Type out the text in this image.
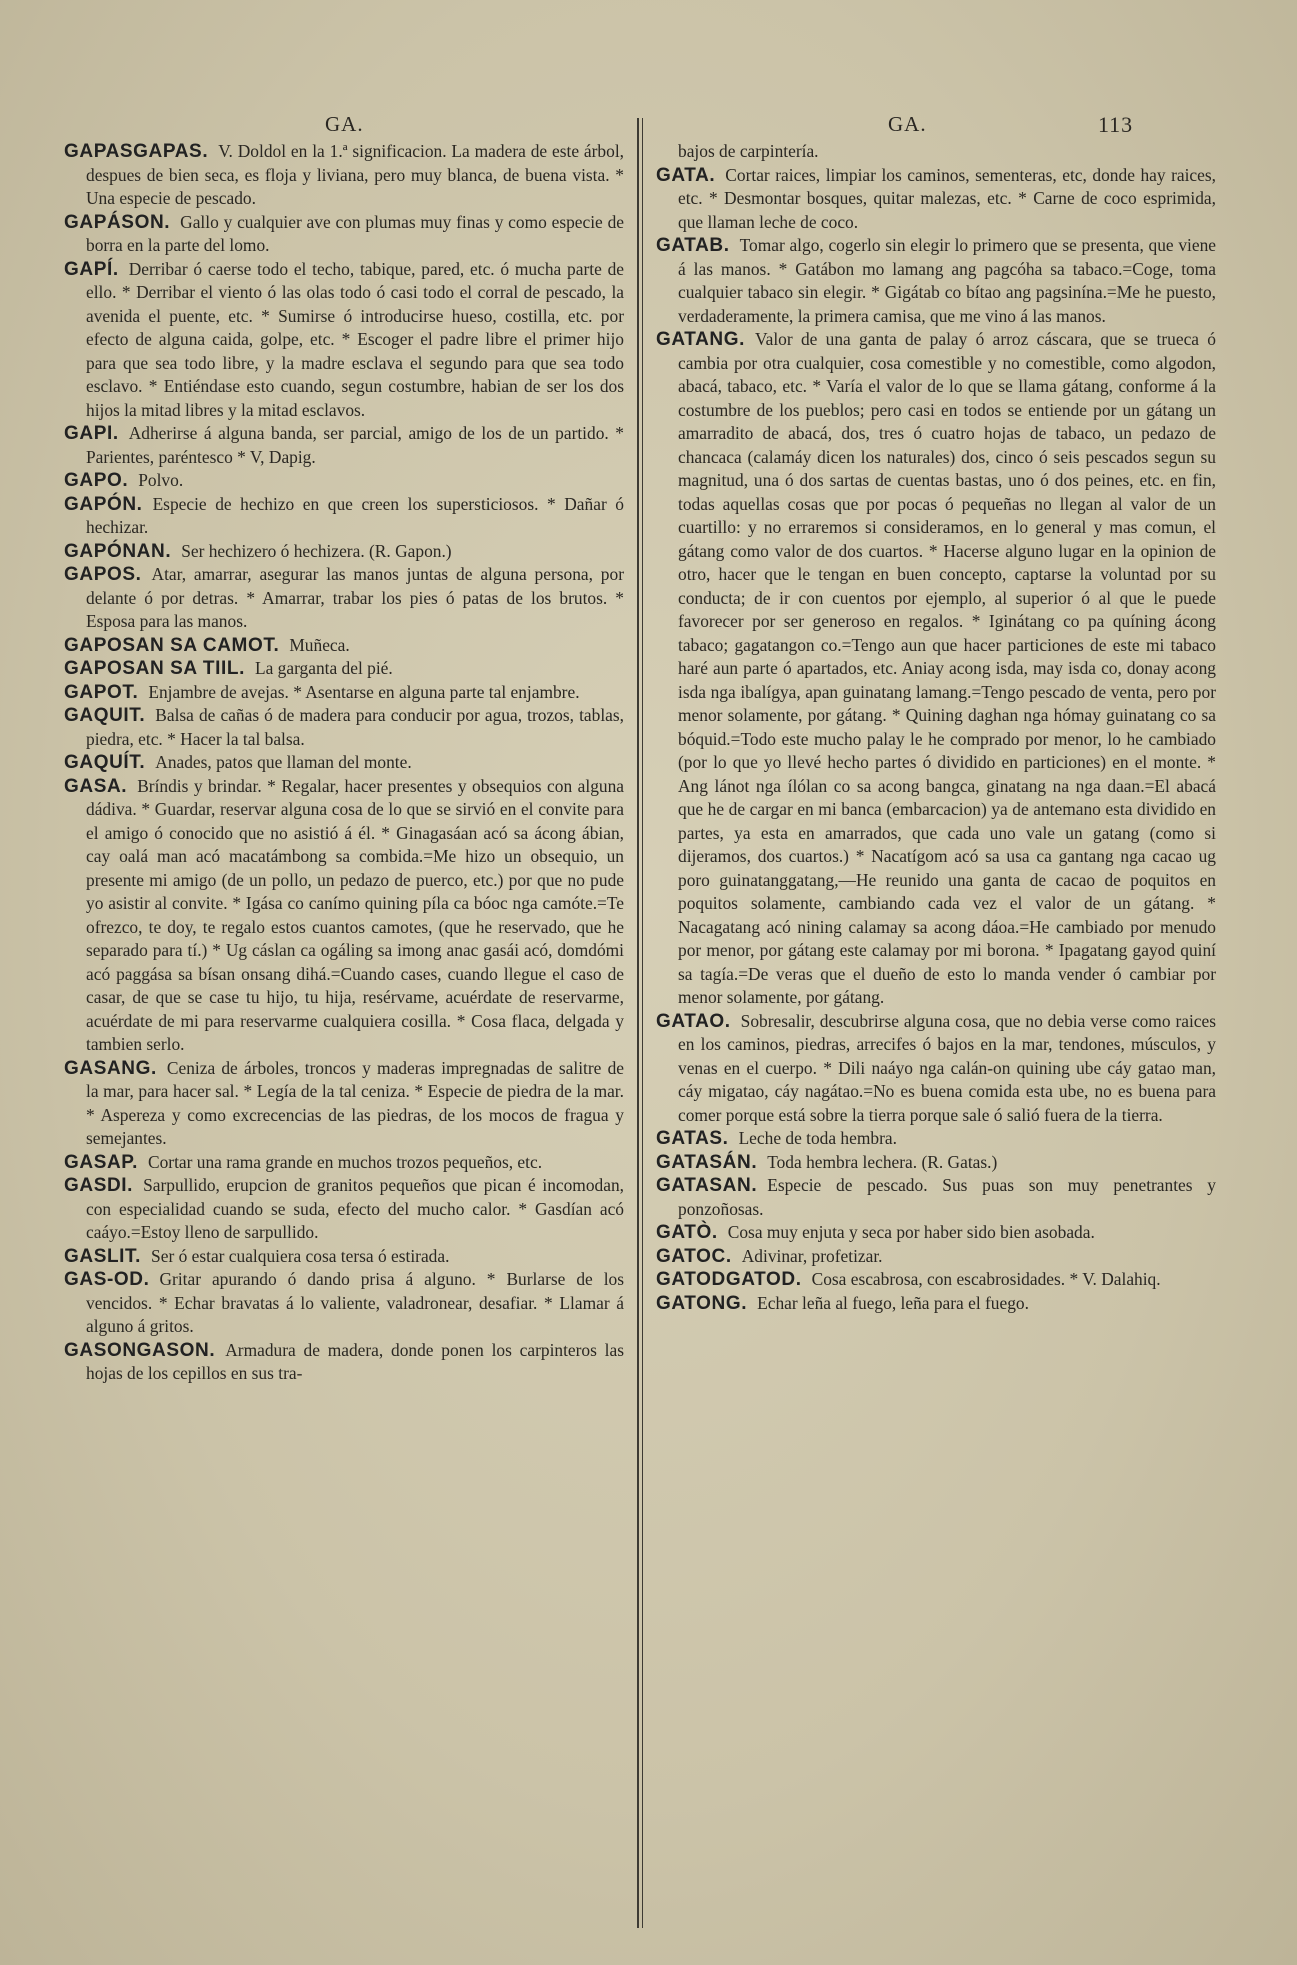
GA.	GA.	113

GAPASGAPAS. V. Doldol en la 1.ª significacion. La madera de este árbol, despues de bien seca, es floja y liviana, pero muy blanca, de buena vista. * Una especie de pescado.

GAPÁSON. Gallo y cualquier ave con plumas muy finas y como especie de borra en la parte del lomo.

GAPÍ. Derribar ó caerse todo el techo, tabique, pared, etc. ó mucha parte de ello. * Derribar el viento ó las olas todo ó casi todo el corral de pescado, la avenida el puente, etc. * Sumirse ó introducirse hueso, costilla, etc. por efecto de alguna caida, golpe, etc. * Escoger el padre libre el primer hijo para que sea todo libre, y la madre esclava el segundo para que sea todo esclavo. * Entiéndase esto cuando, segun costumbre, habian de ser los dos hijos la mitad libres y la mitad esclavos.

GAPI. Adherirse á alguna banda, ser parcial, amigo de los de un partido. * Parientes, paréntesco * V, Dapig.

GAPO. Polvo.

GAPÓN. Especie de hechizo en que creen los supersticiosos. * Dañar ó hechizar.

GAPÓNAN. Ser hechizero ó hechizera. (R. Gapon.)

GAPOS. Atar, amarrar, asegurar las manos juntas de alguna persona, por delante ó por detras. * Amarrar, trabar los pies ó patas de los brutos. * Esposa para las manos.

GAPOSAN SA CAMOT. Muñeca.

GAPOSAN SA TIIL. La garganta del pié.

GAPOT. Enjambre de avejas. * Asentarse en alguna parte tal enjambre.

GAQUIT. Balsa de cañas ó de madera para conducir por agua, trozos, tablas, piedra, etc. * Hacer la tal balsa.

GAQUÍT. Anades, patos que llaman del monte.

GASA. Bríndis y brindar. * Regalar, hacer presentes y obsequios con alguna dádiva. * Guardar, reservar alguna cosa de lo que se sirvió en el convite para el amigo ó conocido que no asistió á él. * Ginagasáan acó sa ácong ábian, cay oalá man acó macatámbong sa combida.=Me hizo un obsequio, un presente mi amigo (de un pollo, un pedazo de puerco, etc.) por que no pude yo asistir al convite. * Igása co canímo quining píla ca bóoc nga camóte.=Te ofrezco, te doy, te regalo estos cuantos camotes, (que he reservado, que he separado para tí.) * Ug cáslan ca ogáling sa imong anac gasái acó, domdómi acó paggása sa bísan onsang dihá.=Cuando cases, cuando llegue el caso de casar, de que se case tu hijo, tu hija, resérvame, acuérdate de reservarme, acuérdate de mi para reservarme cualquiera cosilla. * Cosa flaca, delgada y tambien serlo.

GASANG. Ceniza de árboles, troncos y maderas impregnadas de salitre de la mar, para hacer sal. * Legía de la tal ceniza. * Especie de piedra de la mar. * Aspereza y como excrecencias de las piedras, de los mocos de fragua y semejantes.

GASAP. Cortar una rama grande en muchos trozos pequeños, etc.

GASDI. Sarpullido, erupcion de granitos pequeños que pican é incomodan, con especialidad cuando se suda, efecto del mucho calor. * Gasdían acó caáyo.=Estoy lleno de sarpullido.

GASLIT. Ser ó estar cualquiera cosa tersa ó estirada.

GAS-OD. Gritar apurando ó dando prisa á alguno. * Burlarse de los vencidos. * Echar bravatas á lo valiente, valadronear, desafiar. * Llamar á alguno á gritos.

GASONGASON. Armadura de madera, donde ponen los carpinteros las hojas de los cepillos en sus tra-

bajos de carpintería.

GATA. Cortar raices, limpiar los caminos, sementeras, etc, donde hay raices, etc. * Desmontar bosques, quitar malezas, etc. * Carne de coco esprimida, que llaman leche de coco.

GATAB. Tomar algo, cogerlo sin elegir lo primero que se presenta, que viene á las manos. * Gatábon mo lamang ang pagcóha sa tabaco.=Coge, toma cualquier tabaco sin elegir. * Gigátab co bítao ang pagsinína.=Me he puesto, verdaderamente, la primera camisa, que me vino á las manos.

GATANG. Valor de una ganta de palay ó arroz cáscara, que se trueca ó cambia por otra cualquier, cosa comestible y no comestible, como algodon, abacá, tabaco, etc. * Varía el valor de lo que se llama gátang, conforme á la costumbre de los pueblos; pero casi en todos se entiende por un gátang un amarradito de abacá, dos, tres ó cuatro hojas de tabaco, un pedazo de chancaca (calamáy dicen los naturales) dos, cinco ó seis pescados segun su magnitud, una ó dos sartas de cuentas bastas, uno ó dos peines, etc. en fin, todas aquellas cosas que por pocas ó pequeñas no llegan al valor de un cuartillo: y no erraremos si consideramos, en lo general y mas comun, el gátang como valor de dos cuartos. * Hacerse alguno lugar en la opinion de otro, hacer que le tengan en buen concepto, captarse la voluntad por su conducta; de ir con cuentos por ejemplo, al superior ó al que le puede favorecer por ser generoso en regalos. * Iginátang co pa quíning ácong tabaco; gagatangon co.=Tengo aun que hacer particiones de este mi tabaco haré aun parte ó apartados, etc. Aniay acong isda, may isda co, donay acong isda nga ibalígya, apan guinatang lamang.=Tengo pescado de venta, pero por menor solamente, por gátang. * Quining daghan nga hómay guinatang co sa bóquid.=Todo este mucho palay le he comprado por menor, lo he cambiado (por lo que yo llevé hecho partes ó dividido en particiones) en el monte. * Ang lánot nga ílólan co sa acong bangca, ginatang na nga daan.=El abacá que he de cargar en mi banca (embarcacion) ya de antemano esta dividido en partes, ya esta en amarrados, que cada uno vale un gatang (como si dijeramos, dos cuartos.) * Nacatígom acó sa usa ca gantang nga cacao ug poro guinatanggatang,—He reunido una ganta de cacao de poquitos en poquitos solamente, cambiando cada vez el valor de un gátang. * Nacagatang acó nining calamay sa acong dáoa.=He cambiado por menudo por menor, por gátang este calamay por mi borona. * Ipagatang gayod quiní sa tagía.=De veras que el dueño de esto lo manda vender ó cambiar por menor solamente, por gátang.

GATAO. Sobresalir, descubrirse alguna cosa, que no debia verse como raices en los caminos, piedras, arrecifes ó bajos en la mar, tendones, músculos, y venas en el cuerpo. * Dili naáyo nga calán-on quining ube cáy gatao man, cáy migatao, cáy nagátao.=No es buena comida esta ube, no es buena para comer porque está sobre la tierra porque sale ó salió fuera de la tierra.

GATAS. Leche de toda hembra.

GATASÁN. Toda hembra lechera. (R. Gatas.)

GATASAN. Especie de pescado. Sus puas son muy penetrantes y ponzoñosas.

GATÒ. Cosa muy enjuta y seca por haber sido bien asobada.

GATOC. Adivinar, profetizar.

GATODGATOD. Cosa escabrosa, con escabrosidades. * V. Dalahiq.

GATONG. Echar leña al fuego, leña para el fuego.
